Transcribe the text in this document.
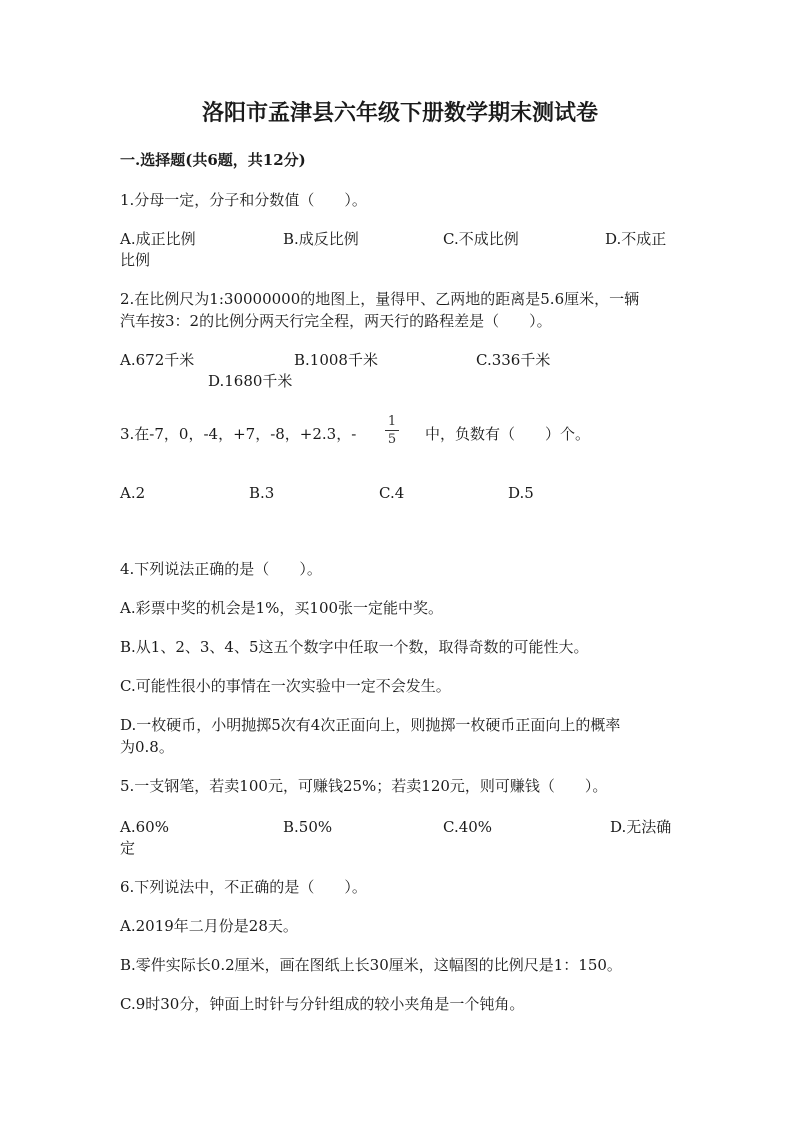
洛阳市孟津县六年级下册数学期末测试卷
一.选择题(共6题，共12分)
1.分母一定，分子和分数值（　　）。
A.成正比例	B.成反比例	C.不成比例	D.不成正
比例
2.在比例尺为1:30000000的地图上，量得甲、乙两地的距离是5.6厘米，一辆
汽车按3：2的比例分两天行完全程，两天行的路程差是（　　）。
A.672千米	B.1008千米	C.336千米
D.1680千米
3.在-7，0，-4，+7，-8，+2.3，-
1
5	中，负数有（　　）个。
A.2	B.3	C.4	D.5
4.下列说法正确的是（　　）。
A.彩票中奖的机会是1%，买100张一定能中奖。
B.从1、2、3、4、5这五个数字中任取一个数，取得奇数的可能性大。
C.可能性很小的事情在一次实验中一定不会发生。
D.一枚硬币，小明抛掷5次有4次正面向上，则抛掷一枚硬币正面向上的概率
为0.8。
5.一支钢笔，若卖100元，可赚钱25%；若卖120元，则可赚钱（　　）。
A.60%	B.50%	C.40%	D.无法确
定
6.下列说法中，不正确的是（　　）。
A.2019年二月份是28天。
B.零件实际长0.2厘米，画在图纸上长30厘米，这幅图的比例尺是1：150。
C.9时30分，钟面上时针与分针组成的较小夹角是一个钝角。
